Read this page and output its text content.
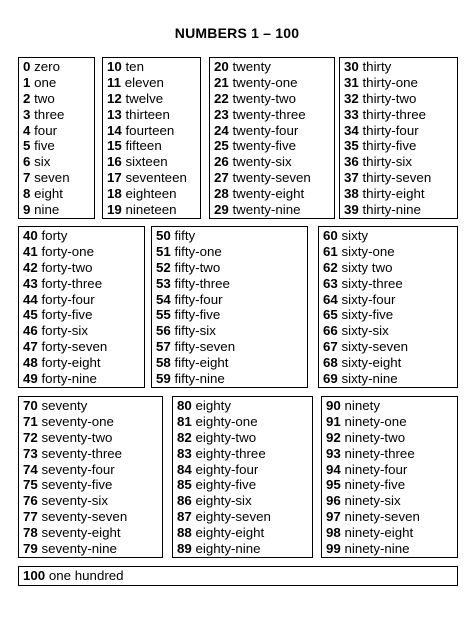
NUMBERS 1 – 100
0 zero
1 one
2 two
3 three
4 four
5 five
6 six
7 seven
8 eight
9 nine
10 ten
11 eleven
12 twelve
13 thirteen
14 fourteen
15 fifteen
16 sixteen
17 seventeen
18 eighteen
19 nineteen
20 twenty
21 twenty-one
22 twenty-two
23 twenty-three
24 twenty-four
25 twenty-five
26 twenty-six
27 twenty-seven
28 twenty-eight
29 twenty-nine
30 thirty
31 thirty-one
32 thirty-two
33 thirty-three
34 thirty-four
35 thirty-five
36 thirty-six
37 thirty-seven
38 thirty-eight
39 thirty-nine
40 forty
41 forty-one
42 forty-two
43 forty-three
44 forty-four
45 forty-five
46 forty-six
47 forty-seven
48 forty-eight
49 forty-nine
50 fifty
51 fifty-one
52 fifty-two
53 fifty-three
54 fifty-four
55 fifty-five
56 fifty-six
57 fifty-seven
58 fifty-eight
59 fifty-nine
60 sixty
61 sixty-one
62 sixty two
63 sixty-three
64 sixty-four
65 sixty-five
66 sixty-six
67 sixty-seven
68 sixty-eight
69 sixty-nine
70 seventy
71 seventy-one
72 seventy-two
73 seventy-three
74 seventy-four
75 seventy-five
76 seventy-six
77 seventy-seven
78 seventy-eight
79 seventy-nine
80 eighty
81 eighty-one
82 eighty-two
83 eighty-three
84 eighty-four
85 eighty-five
86 eighty-six
87 eighty-seven
88 eighty-eight
89 eighty-nine
90 ninety
91 ninety-one
92 ninety-two
93 ninety-three
94 ninety-four
95 ninety-five
96 ninety-six
97 ninety-seven
98 ninety-eight
99 ninety-nine
100 one hundred
